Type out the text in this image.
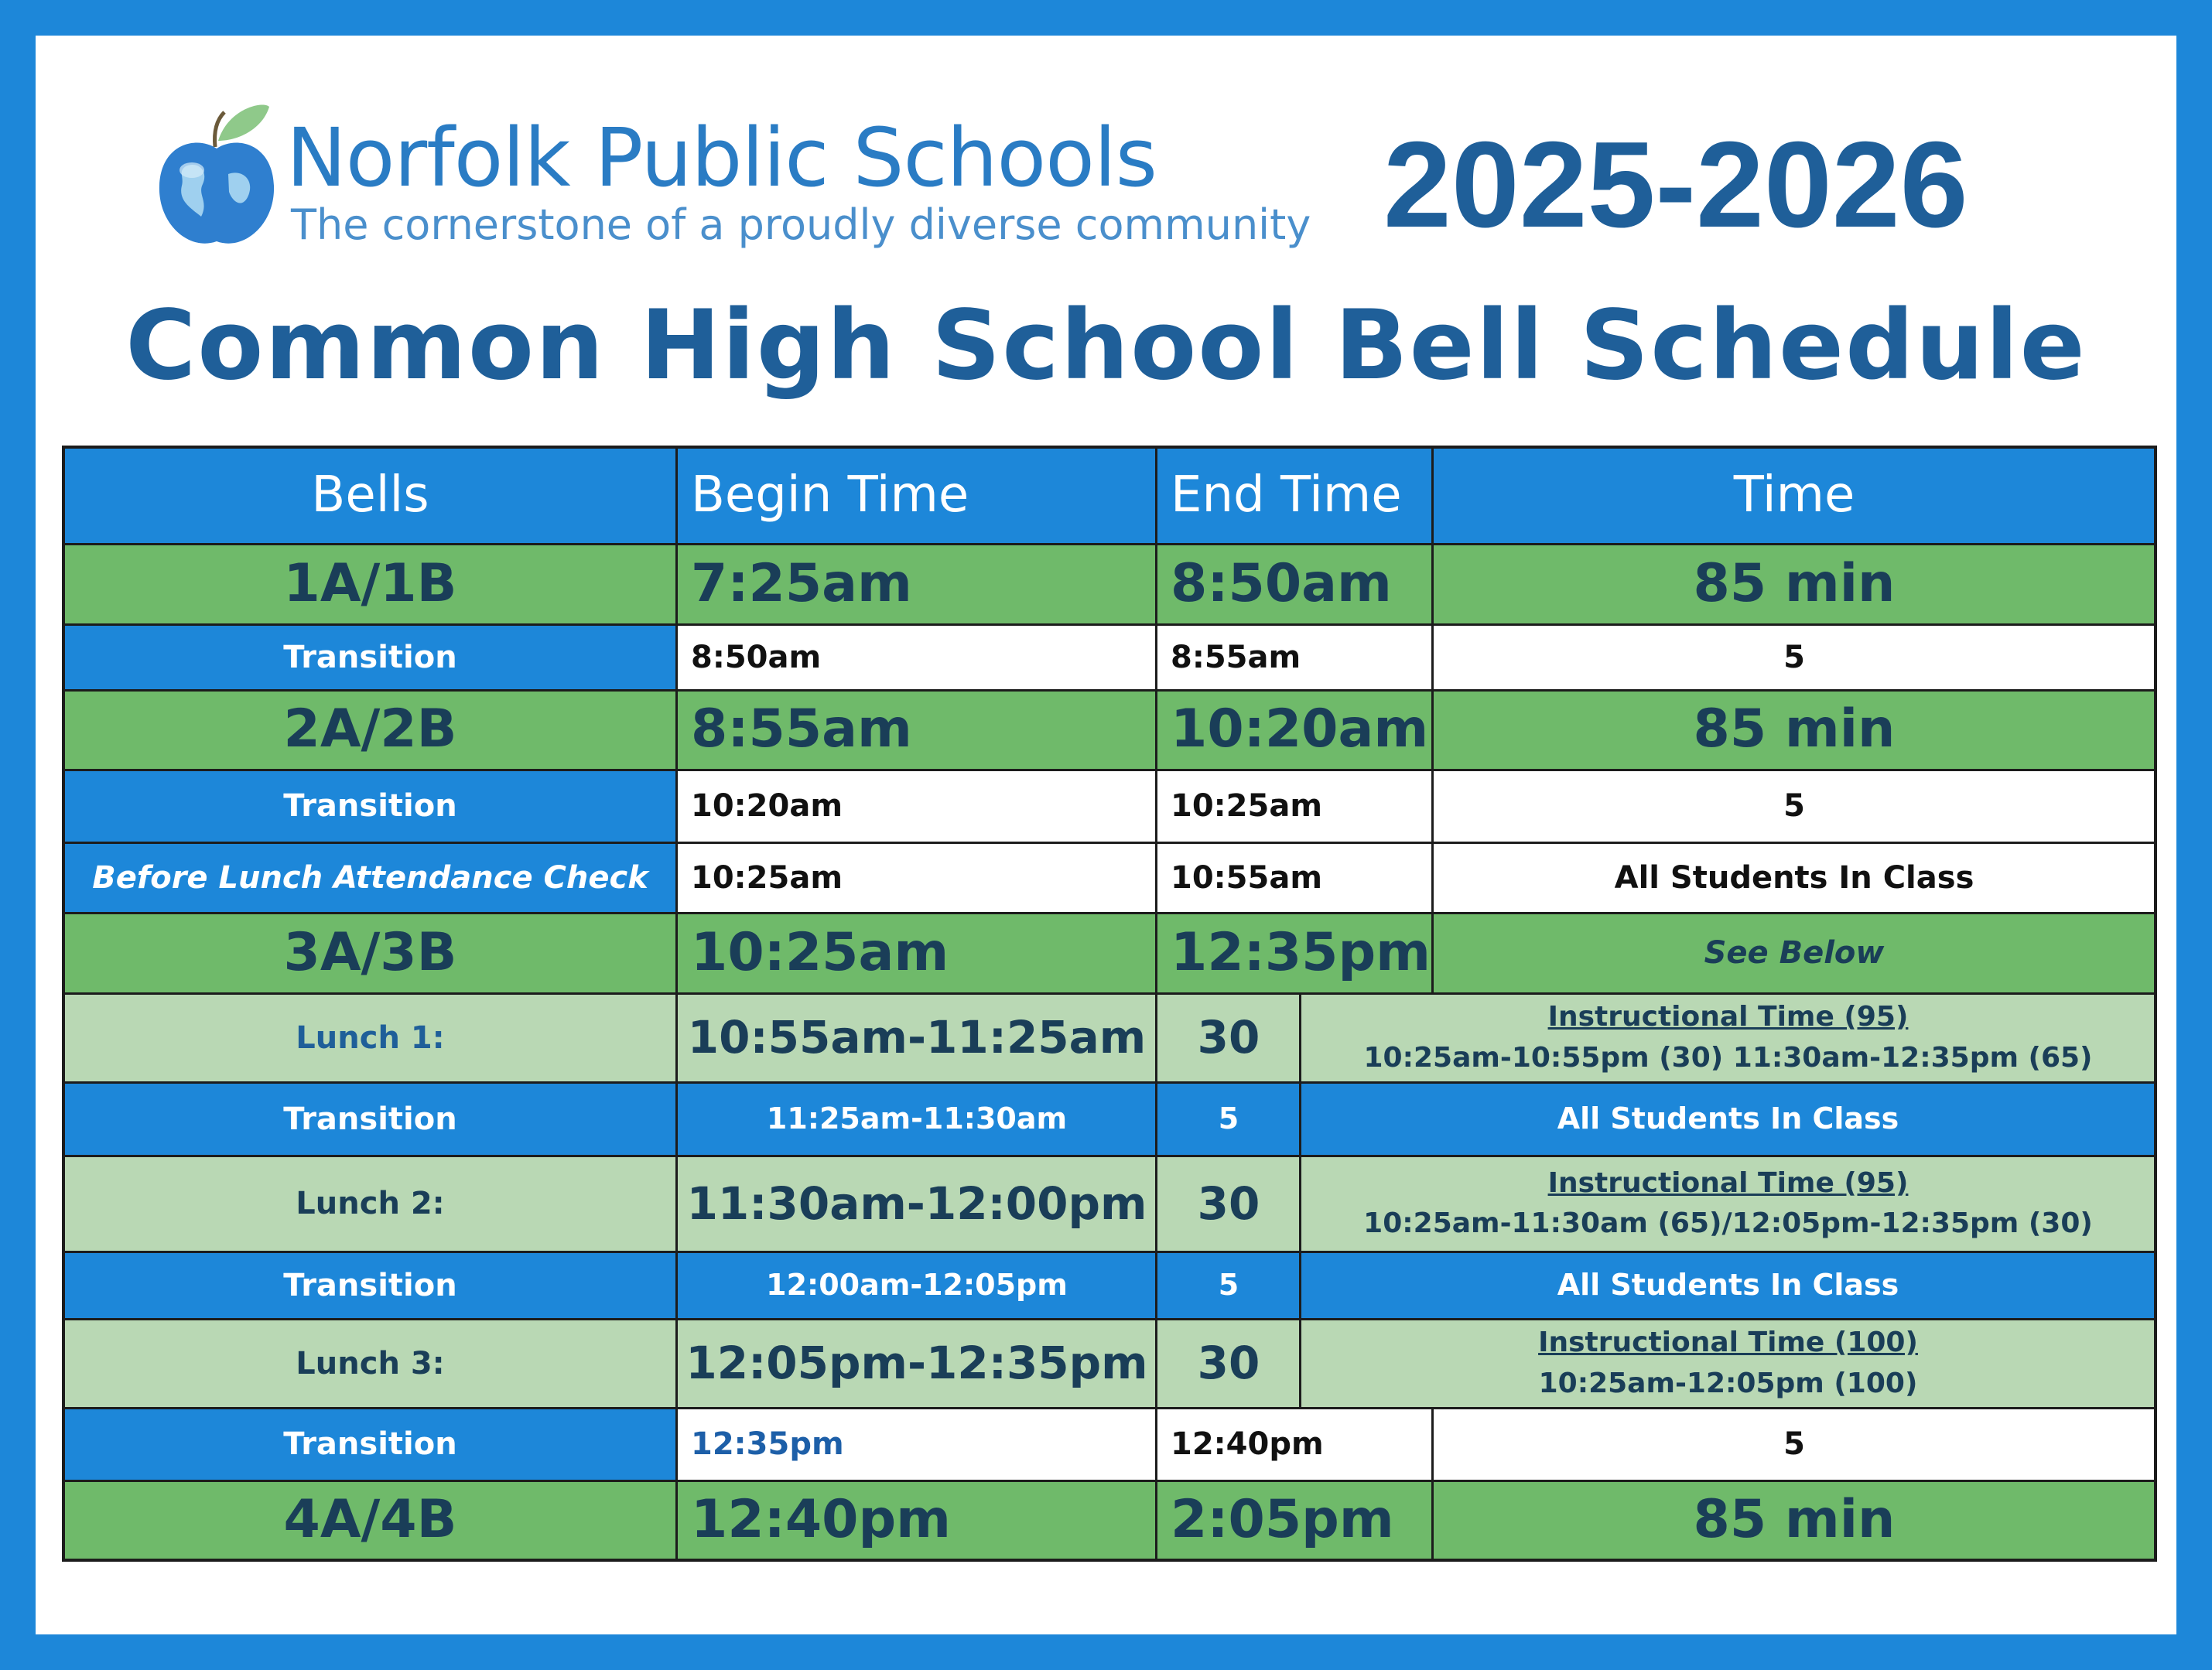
Norfolk Public Schools
The cornerstone of a proudly diverse community 2025-2026
Common High School Bell Schedule
Bells	Begin Time	End Time	Time
1A/1B	7:25am	8:50am	85 min
Transition	8:50am	8:55am	5
2A/2B	8:55am	10:20am	85 min
Transition	10:20am	10:25am	5
Before Lunch Attendance Check	10:25am	10:55am	All Students In Class
3A/3B	10:25am	12:35pm	See Below
Lunch 1:	10:55am-11:25am	30	Instructional Time (95)
10:25am-10:55pm (30) 11:30am-12:35pm (65)
Transition	11:25am-11:30am	5	All Students In Class
Lunch 2:	11:30am-12:00pm	30	Instructional Time (95)
10:25am-11:30am (65)/12:05pm-12:35pm (30)
Transition	12:00am-12:05pm	5	All Students In Class
Lunch 3:	12:05pm-12:35pm	30	Instructional Time (100)
10:25am-12:05pm (100)
Transition	12:35pm	12:40pm	5
4A/4B	12:40pm	2:05pm	85 min
